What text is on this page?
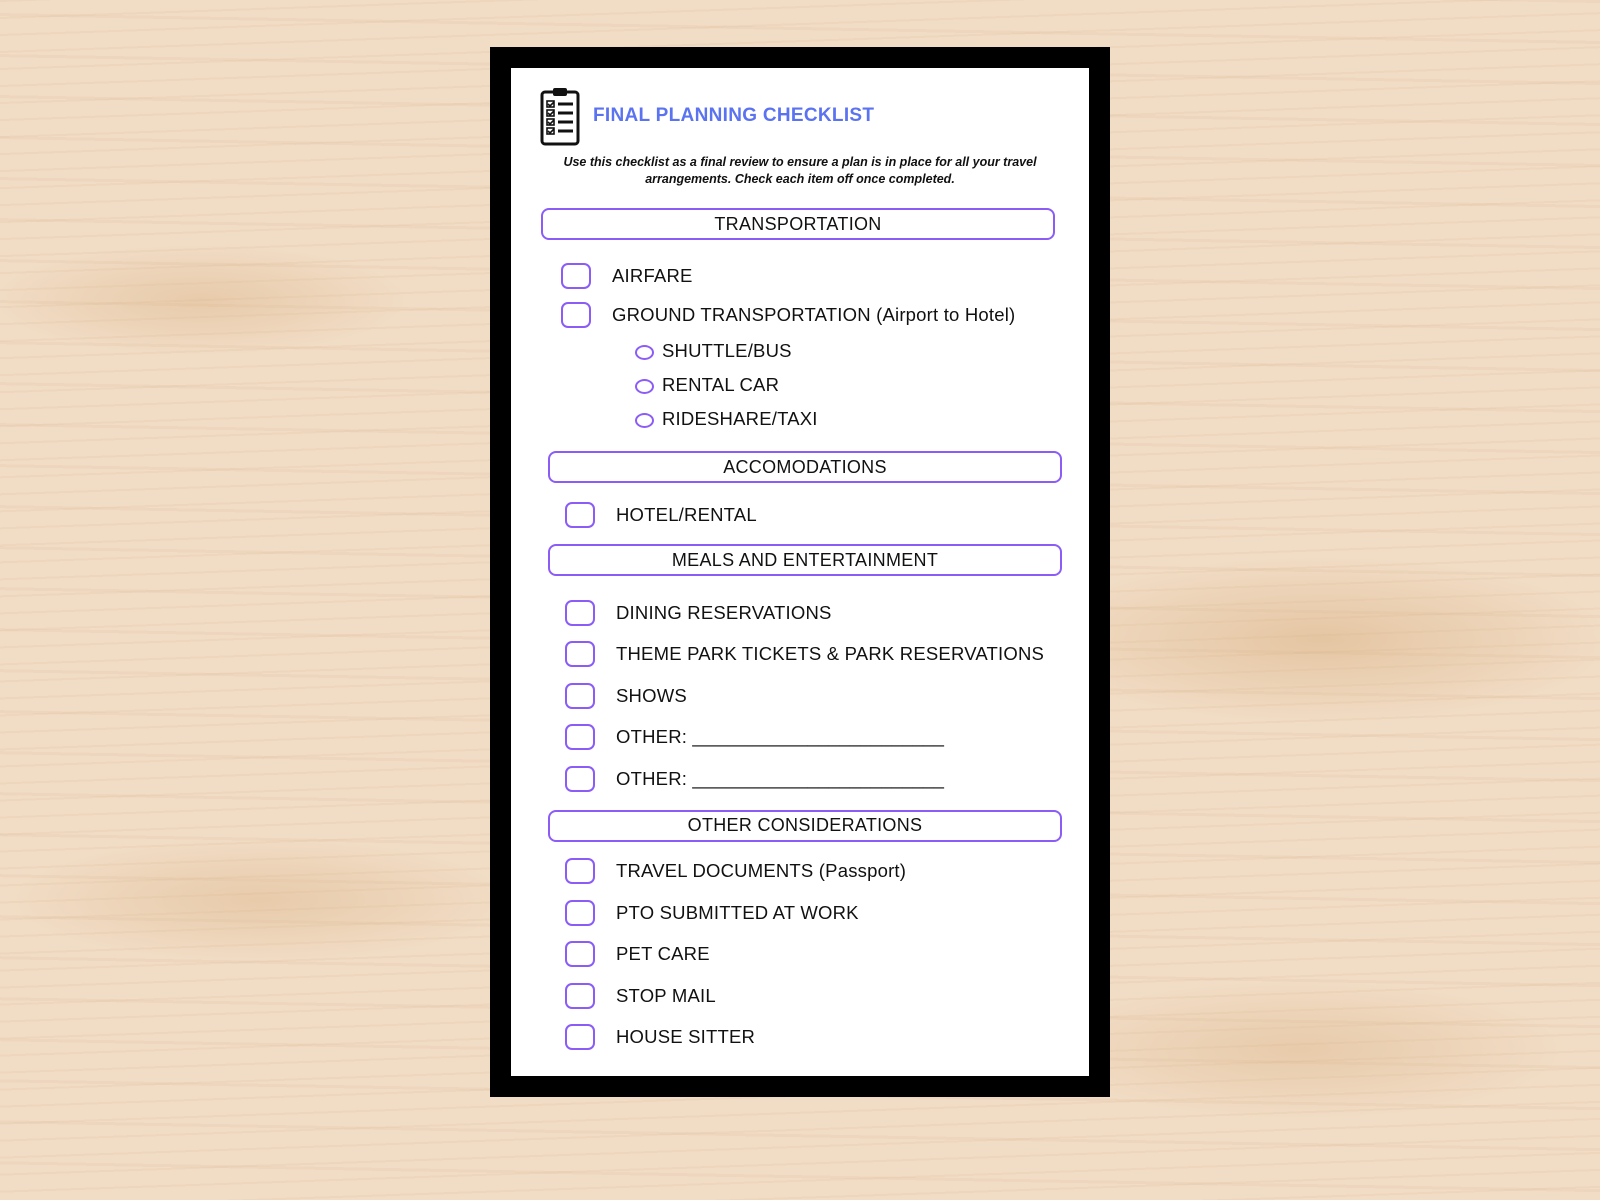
FINAL PLANNING CHECKLIST

Use this checklist as a final review to ensure a plan is in place for all your travel arrangements. Check each item off once completed.

TRANSPORTATION
AIRFARE
GROUND TRANSPORTATION (Airport to Hotel)
SHUTTLE/BUS
RENTAL CAR
RIDESHARE/TAXI
ACCOMODATIONS
HOTEL/RENTAL
MEALS AND ENTERTAINMENT
DINING RESERVATIONS
THEME PARK TICKETS & PARK RESERVATIONS
SHOWS
OTHER: ________________________
OTHER: ________________________
OTHER CONSIDERATIONS
TRAVEL DOCUMENTS (Passport)
PTO SUBMITTED AT WORK
PET CARE
STOP MAIL
HOUSE SITTER
